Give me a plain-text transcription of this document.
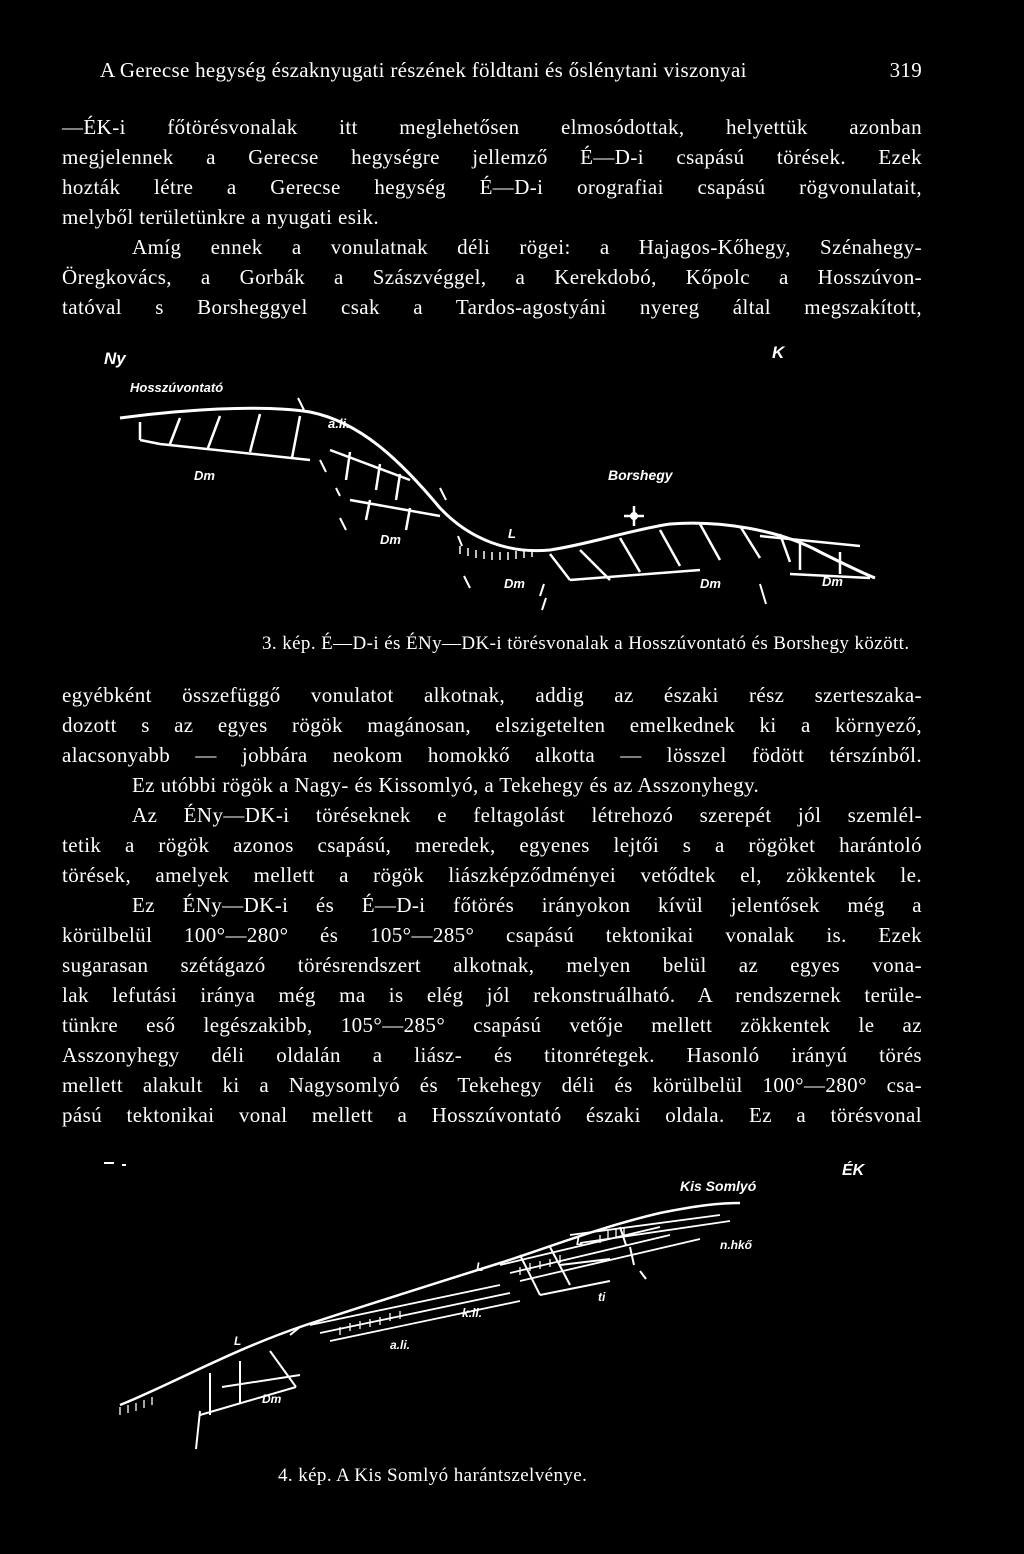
A Gerecse hegység északnyugati részének földtani és őslénytani viszonyai	319
—ÉK-i főtörésvonalak itt meglehetősen elmosódottak, helyettük azonban
megjelennek a Gerecse hegységre jellemző É—D-i csapású törések. Ezek
hozták létre a Gerecse hegység É—D-i orografiai csapású rögvonulatait,
melyből területünkre a nyugati esik.
Amíg ennek a vonulatnak déli rögei: a Hajagos-Kőhegy, Szénahegy-
Öregkovács, a Gorbák a Szászvéggel, a Kerekdobó, Kőpolc a Hosszúvon-
tatóval s Borsheggyel csak a Tardos-agostyáni nyereg által megszakított,
Ny	K
Hosszúvontató
a.li.
Borshegy
Dm
Dm
Dm	Dm	Dm
L
3. kép. É—D-i és ÉNy—DK-i törésvonalak a Hosszúvontató és Borshegy között.
egyébként összefüggő vonulatot alkotnak, addig az északi rész szerteszaka-
dozott s az egyes rögök magánosan, elszigetelten emelkednek ki a környező,
alacsonyabb — jobbára neokom homokkő alkotta — lösszel födött térszínből.
Ez utóbbi rögök a Nagy- és Kissomlyó, a Tekehegy és az Asszonyhegy.
Az ÉNy—DK-i töréseknek e feltagolást létrehozó szerepét jól szemlél-
tetik a rögök azonos csapású, meredek, egyenes lejtői s a rögöket harántoló
törések, amelyek mellett a rögök liászképződményei vetődtek el, zökkentek le.
Ez ÉNy—DK-i és É—D-i főtörés irányokon kívül jelentősek még a
körülbelül 100°—280° és 105°—285° csapású tektonikai vonalak is. Ezek
sugarasan szétágazó törésrendszert alkotnak, melyen belül az egyes vona-
lak lefutási iránya még ma is elég jól rekonstruálható. A rendszernek terüle-
tünkre eső legészakibb, 105°—285° csapású vetője mellett zökkentek le az
Asszonyhegy déli oldalán a liász- és titonrétegek. Hasonló irányú törés
mellett alakult ki a Nagysomlyó és Tekehegy déli és körülbelül 100°—280° csa-
pású tektonikai vonal mellett a Hosszúvontató északi oldala. Ez a törésvonal
ÉK
Kis Somlyó
n.hkő
ti
k.li.
a.li.
Dm
L
L
L
4. kép. A Kis Somlyó harántszelvénye.
